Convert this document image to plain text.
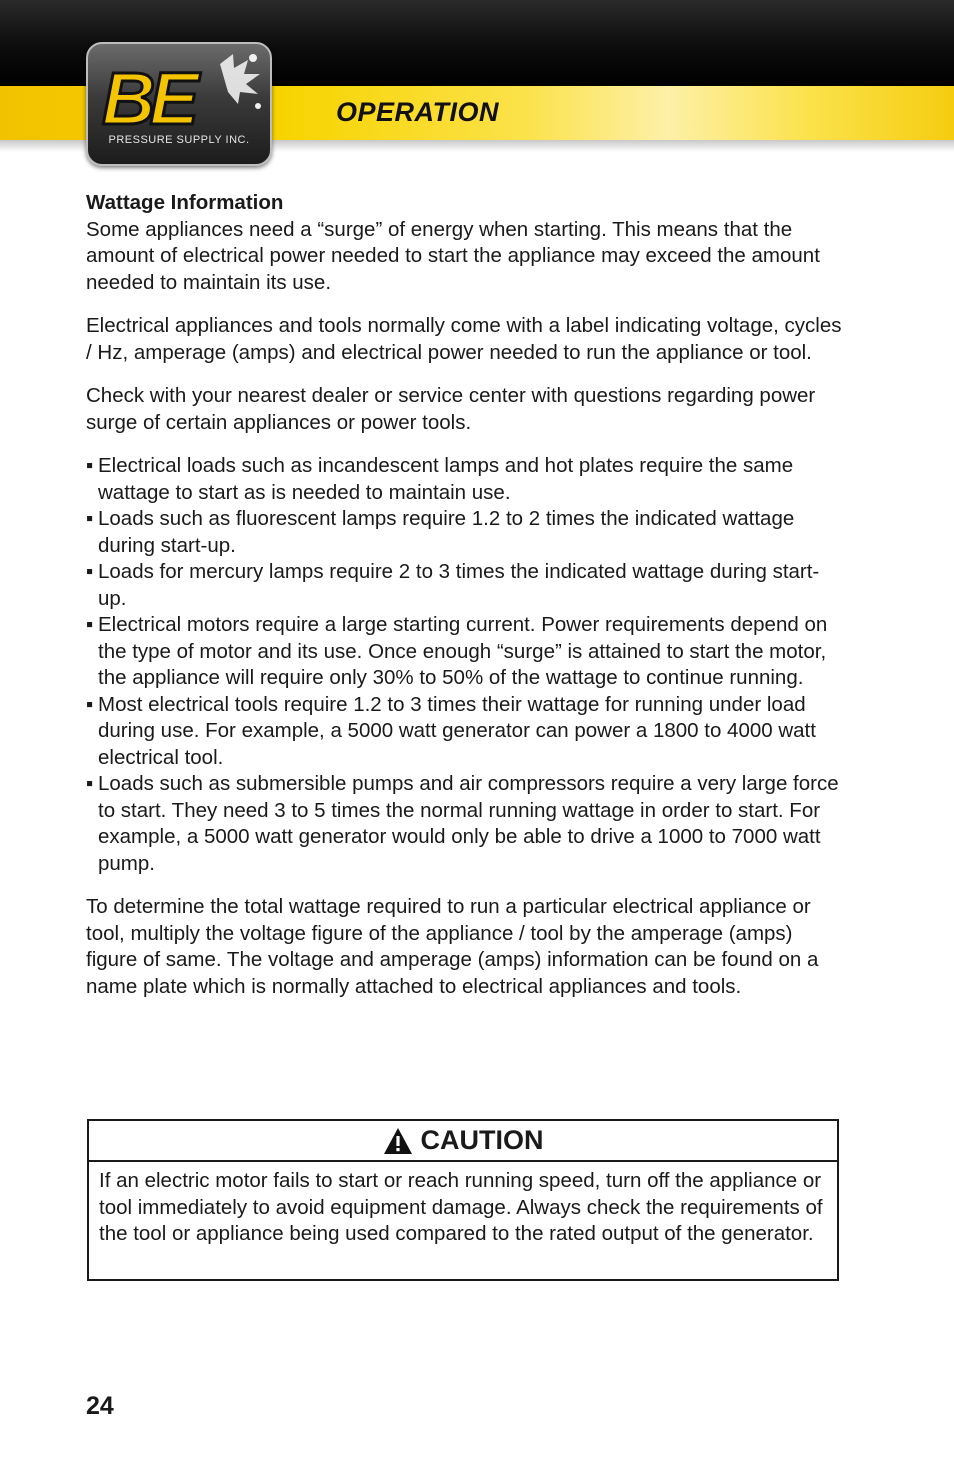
BE
PRESSURE SUPPLY INC.
OPERATION
Wattage Information

Some appliances need a “surge” of energy when starting. This means that the amount of electrical power needed to start the appliance may exceed the amount needed to maintain its use.

Electrical appliances and tools normally come with a label indicating voltage, cycles / Hz, amperage (amps) and electrical power needed to run the appliance or tool.

Check with your nearest dealer or service center with questions regarding power surge of certain appliances or power tools.

▪ Electrical loads such as incandescent lamps and hot plates require the same wattage to start as is needed to maintain use.
▪ Loads such as fluorescent lamps require 1.2 to 2 times the indicated wattage during start-up.
▪ Loads for mercury lamps require 2 to 3 times the indicated wattage during start-up.
▪ Electrical motors require a large starting current. Power requirements depend on the type of motor and its use. Once enough “surge” is attained to start the motor, the appliance will require only 30% to 50% of the wattage to continue running.
▪ Most electrical tools require 1.2 to 3 times their wattage for running under load during use. For example, a 5000 watt generator can power a 1800 to 4000 watt electrical tool.
▪ Loads such as submersible pumps and air compressors require a very large force to start. They need 3 to 5 times the normal running wattage in order to start. For example, a 5000 watt generator would only be able to drive a 1000 to 7000 watt pump.

To determine the total wattage required to run a particular electrical appliance or tool, multiply the voltage figure of the appliance / tool by the amperage (amps) figure of same. The voltage and amperage (amps) information can be found on a name plate which is normally attached to electrical appliances and tools.

CAUTION
If an electric motor fails to start or reach running speed, turn off the appliance or tool immediately to avoid equipment damage. Always check the requirements of the tool or appliance being used compared to the rated output of the generator.
24
